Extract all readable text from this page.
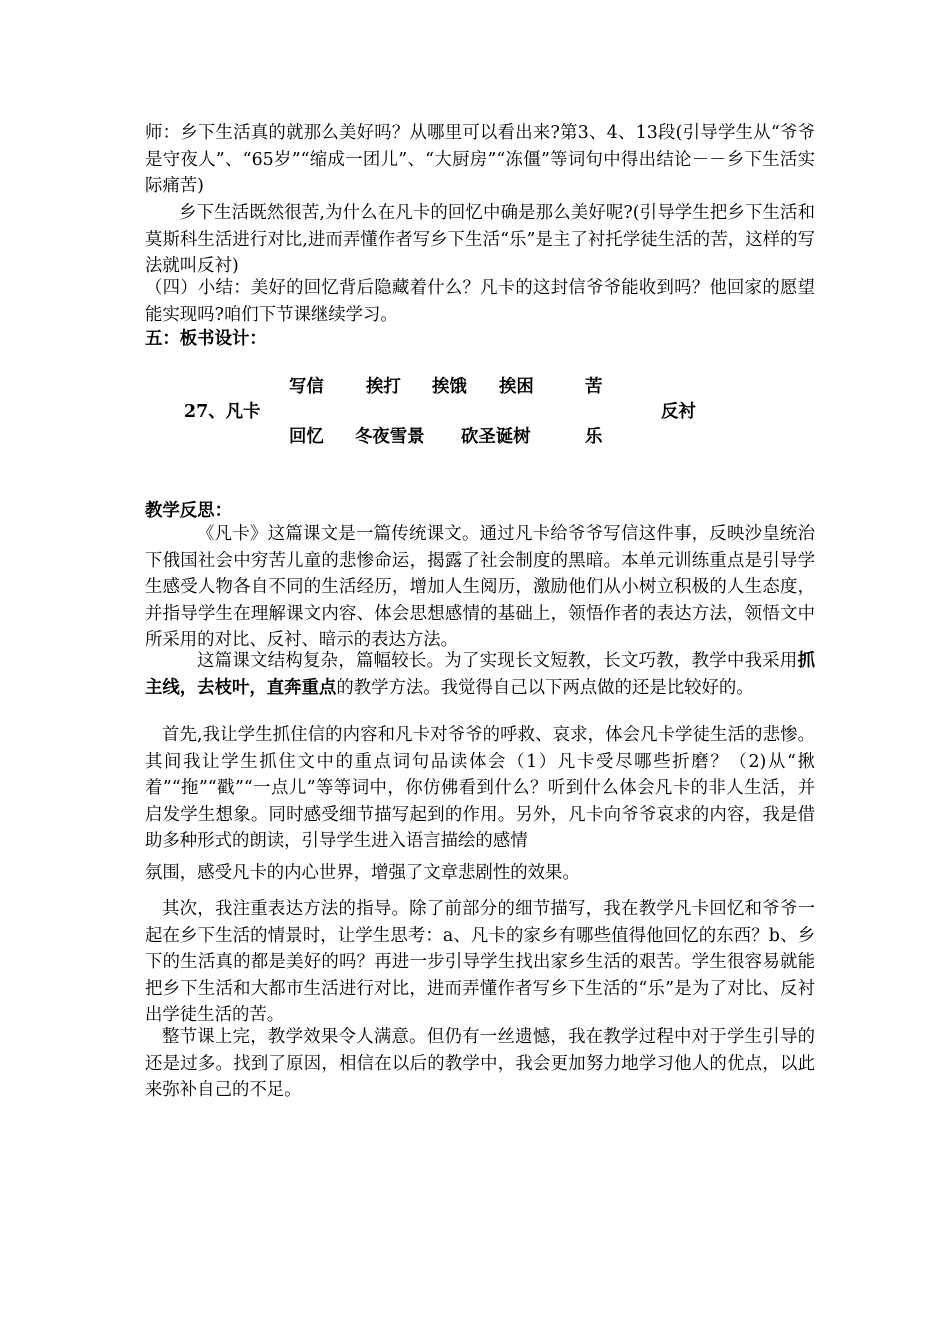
师：乡下生活真的就那么美好吗？从哪里可以看出来?第3、4、13段(引导学生从“爷爷是守夜人”、“65岁”“缩成一团儿”、“大厨房”“冻僵”等词句中得出结论－－乡下生活实际痛苦)
乡下生活既然很苦,为什么在凡卡的回忆中确是那么美好呢?(引导学生把乡下生活和莫斯科生活进行对比,进而弄懂作者写乡下生活“乐”是主了衬托学徒生活的苦，这样的写法就叫反衬)
（四）小结：美好的回忆背后隐藏着什么？凡卡的这封信爷爷能收到吗？他回家的愿望能实现吗?咱们下节课继续学习。
五：板书设计：
写信 挨打 挨饿 挨困	苦
27、凡卡	反衬
回忆 冬夜雪景 砍圣诞树	乐
教学反思：
《凡卡》这篇课文是一篇传统课文。通过凡卡给爷爷写信这件事，反映沙皇统治下俄国社会中穷苦儿童的悲惨命运，揭露了社会制度的黑暗。本单元训练重点是引导学生感受人物各自不同的生活经历，增加人生阅历，激励他们从小树立积极的人生态度，并指导学生在理解课文内容、体会思想感情的基础上，领悟作者的表达方法，领悟文中所采用的对比、反衬、暗示的表达方法。
这篇课文结构复杂，篇幅较长。为了实现长文短教，长文巧教，教学中我采用抓主线，去枝叶，直奔重点的教学方法。我觉得自己以下两点做的还是比较好的。
首先,我让学生抓住信的内容和凡卡对爷爷的呼救、哀求，体会凡卡学徒生活的悲惨。其间我让学生抓住文中的重点词句品读体会（1）凡卡受尽哪些折磨？（2)从“揪着”“拖”“戳”“一点儿”等等词中，你仿佛看到什么？听到什么体会凡卡的非人生活，并启发学生想象。同时感受细节描写起到的作用。另外，凡卡向爷爷哀求的内容，我是借助多种形式的朗读，引导学生进入语言描绘的感情
氛围，感受凡卡的内心世界，增强了文章悲剧性的效果。
其次，我注重表达方法的指导。除了前部分的细节描写，我在教学凡卡回忆和爷爷一起在乡下生活的情景时，让学生思考：a、凡卡的家乡有哪些值得他回忆的东西？b、乡下的生活真的都是美好的吗？再进一步引导学生找出家乡生活的艰苦。学生很容易就能把乡下生活和大都市生活进行对比，进而弄懂作者写乡下生活的“乐”是为了对比、反衬出学徒生活的苦。
整节课上完，教学效果令人满意。但仍有一丝遗憾，我在教学过程中对于学生引导的还是过多。找到了原因，相信在以后的教学中，我会更加努力地学习他人的优点，以此来弥补自己的不足。
